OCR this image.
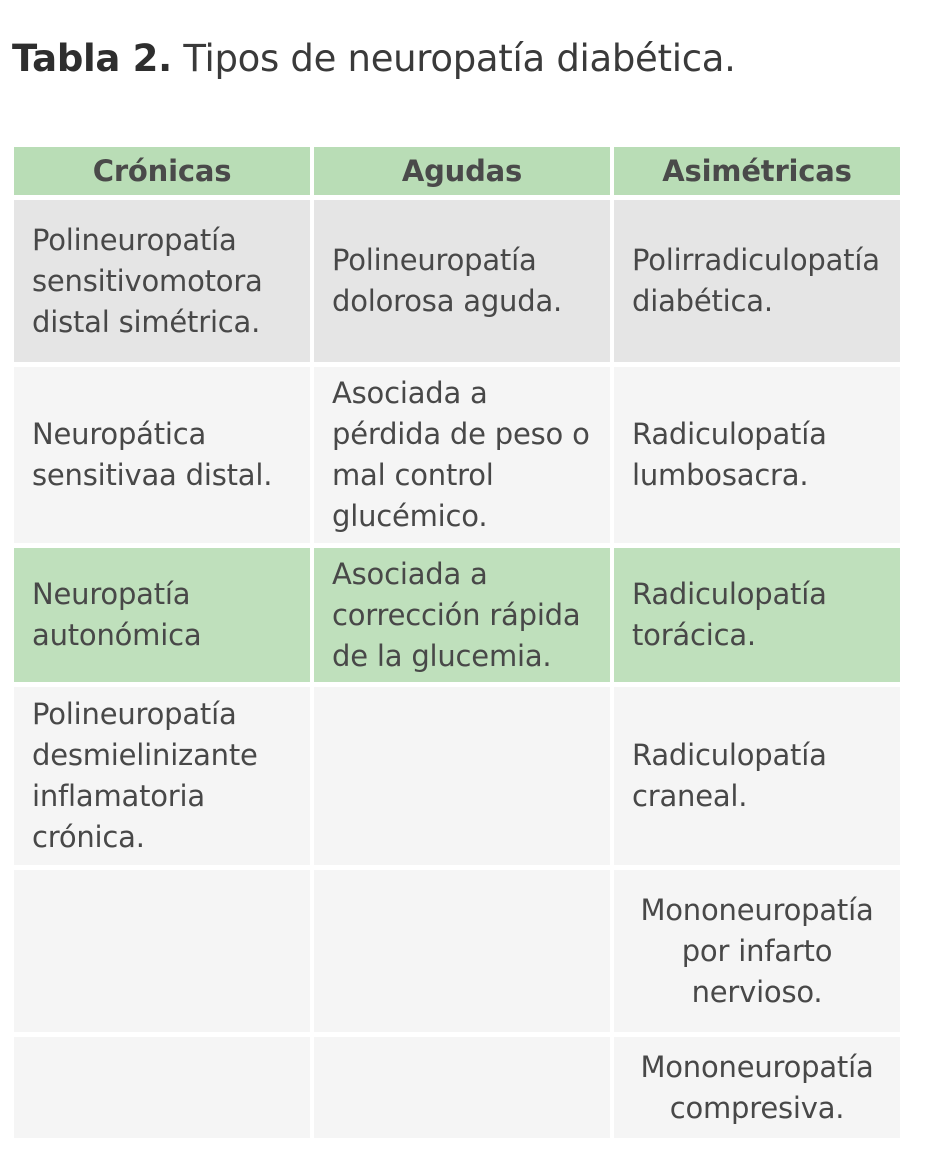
Tabla 2. Tipos de neuropatía diabética.
Crónicas	Agudas	Asimétricas
Polineuropatía sensitivomotora distal simétrica.
Polineuropatía dolorosa aguda.
Polirradiculopatía diabética.
Neuropática sensitivaa distal.
Asociada a pérdida de peso o mal control glucémico.
Radiculopatía lumbosacra.
Neuropatía autonómica
Asociada a corrección rápida de la glucemia.
Radiculopatía torácica.
Polineuropatía desmielinizante inflamatoria crónica.
Radiculopatía craneal.
Mononeuropatía por infarto nervioso.
Mononeuropatía compresiva.
